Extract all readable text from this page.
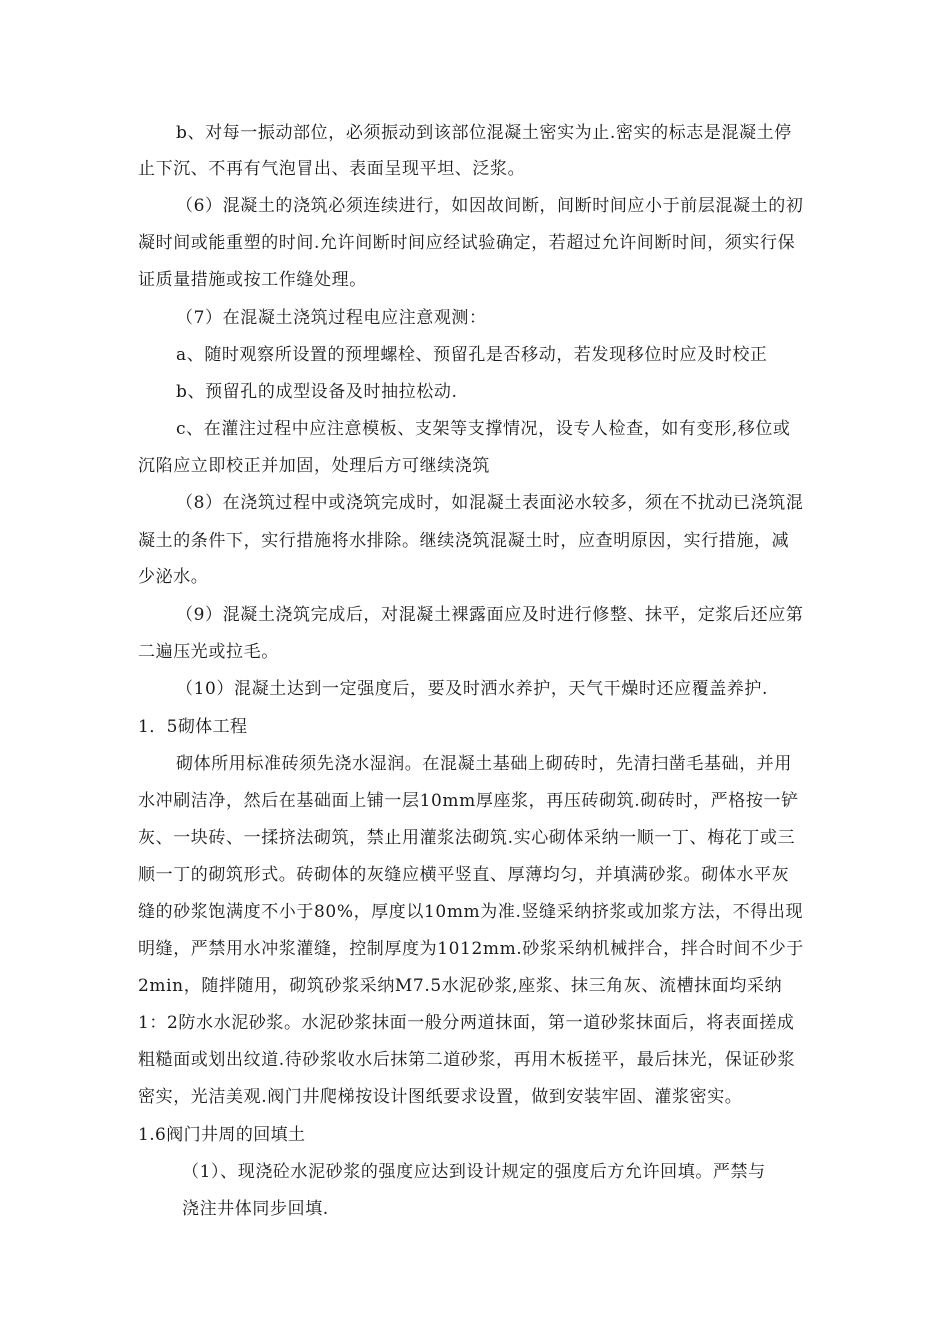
b、对每一振动部位，必须振动到该部位混凝土密实为止.密实的标志是混凝土停
止下沉、不再有气泡冒出、表面呈现平坦、泛浆。
（6）混凝土的浇筑必须连续进行，如因故间断，间断时间应小于前层混凝土的初
凝时间或能重塑的时间.允许间断时间应经试验确定，若超过允许间断时间，须实行保
证质量措施或按工作缝处理。
（7）在混凝土浇筑过程电应注意观测：
a、随时观察所设置的预埋螺栓、预留孔是否移动，若发现移位时应及时校正
b、预留孔的成型设备及时抽拉松动.
c、在灌注过程中应注意模板、支架等支撑情况，设专人检查，如有变形,移位或
沉陷应立即校正并加固，处理后方可继续浇筑
（8）在浇筑过程中或浇筑完成时，如混凝土表面泌水较多，须在不扰动已浇筑混
凝土的条件下，实行措施将水排除。继续浇筑混凝土时，应查明原因，实行措施，减
少泌水。
（9）混凝土浇筑完成后，对混凝土裸露面应及时进行修整、抹平，定浆后还应第
二遍压光或拉毛。
（10）混凝土达到一定强度后，要及时洒水养护，天气干燥时还应覆盖养护.
1．5砌体工程
砌体所用标准砖须先浇水湿润。在混凝土基础上砌砖时，先清扫凿毛基础，并用
水冲刷洁净，然后在基础面上铺一层10mm厚座浆，再压砖砌筑.砌砖时，严格按一铲
灰、一块砖、一揉挤法砌筑，禁止用灌浆法砌筑.实心砌体采纳一顺一丁、梅花丁或三
顺一丁的砌筑形式。砖砌体的灰缝应横平竖直、厚薄均匀，并填满砂浆。砌体水平灰
缝的砂浆饱满度不小于80%，厚度以10mm为准.竖缝采纳挤浆或加浆方法，不得出现
明缝，严禁用水冲浆灌缝，控制厚度为1012mm.砂浆采纳机械拌合，拌合时间不少于
2min，随拌随用，砌筑砂浆采纳M7.5水泥砂浆,座浆、抹三角灰、流槽抹面均采纳
1：2防水水泥砂浆。水泥砂浆抹面一般分两道抹面，第一道砂浆抹面后，将表面搓成
粗糙面或划出纹道.待砂浆收水后抹第二道砂浆，再用木板搓平，最后抹光，保证砂浆
密实，光洁美观.阀门井爬梯按设计图纸要求设置，做到安装牢固、灌浆密实。
1.6阀门井周的回填土
（1）、现浇砼水泥砂浆的强度应达到设计规定的强度后方允许回填。严禁与
浇注井体同步回填.
